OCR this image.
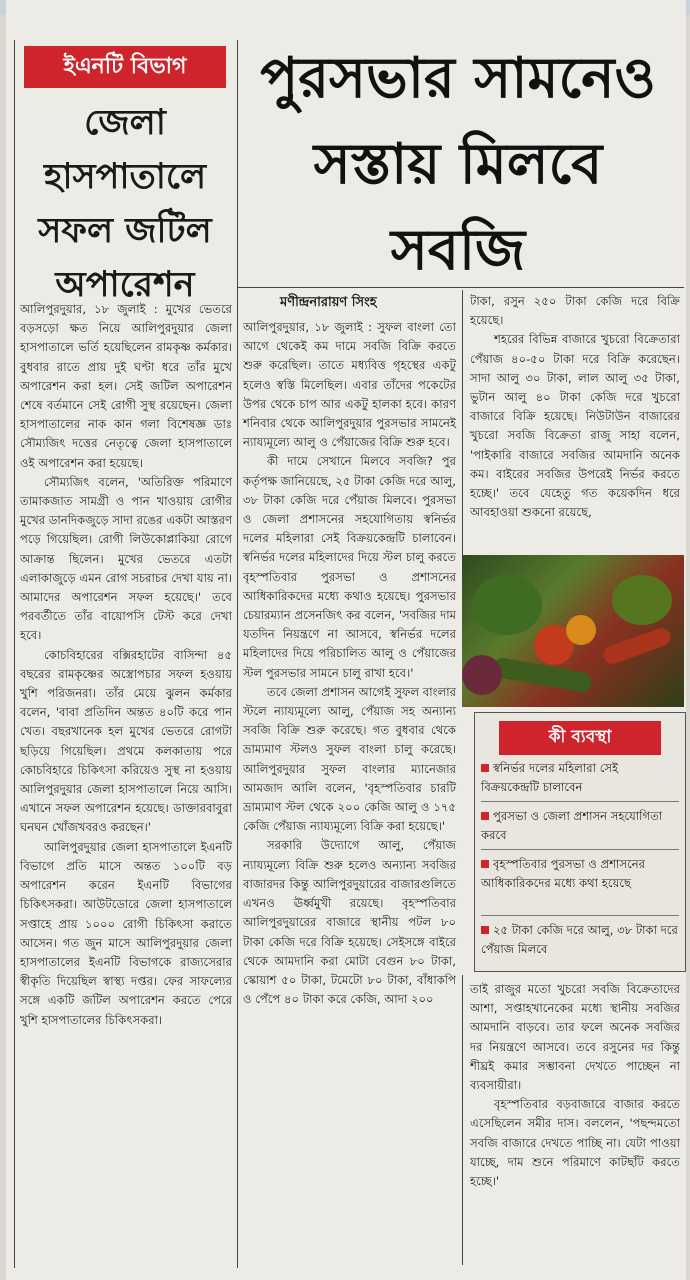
ইএনটি বিভাগ
জেলা হাসপাতালে সফল জটিল অপারেশন

আলিপুরদুয়ার, ১৮ জুলাই : মুখের ভেতরে বড়সড়ো ক্ষত নিয়ে আলিপুরদুয়ার জেলা হাসপাতালে ভর্তি হয়েছিলেন রামকৃষ্ণ কর্মকার। বুধবার রাতে প্রায় দুই ঘণ্টা ধরে তাঁর মুখে অপারেশন করা হল। সেই জটিল অপারেশন শেষে বর্তমানে সেই রোগী সুস্থ রয়েছেন। জেলা হাসপাতালের নাক কান গলা বিশেষজ্ঞ ডাঃ সৌম্যজিৎ দত্তের নেতৃত্বে জেলা হাসপাতালে ওই অপারেশন করা হয়েছে।

সৌম্যজিৎ বলেন, 'অতিরিক্ত পরিমাণে তামাকজাত সামগ্রী ও পান খাওয়ায় রোগীর মুখের ডানদিকজুড়ে সাদা রঙের একটা আস্তরণ পড়ে গিয়েছিল। রোগী লিউকোপ্লাকিয়া রোগে আক্রান্ত ছিলেন। মুখের ভেতরে এতটা এলাকাজুড়ে এমন রোগ সচরাচর দেখা যায় না। আমাদের অপারেশন সফল হয়েছে।' তবে পরবর্তীতে তাঁর বায়োপসি টেস্ট করে দেখা হবে।

কোচবিহারের বক্সিরহাটের বাসিন্দা ৪৫ বছরের রামকৃষ্ণের অস্ত্রোপচার সফল হওয়ায় খুশি পরিজনরা। তাঁর মেয়ে ঝুলন কর্মকার বলেন, 'বাবা প্রতিদিন অন্তত ৪০টি করে পান খেত। বছরখানেক হল মুখের ভেতরে রোগটা ছড়িয়ে গিয়েছিল। প্রথমে কলকাতায় পরে কোচবিহারে চিকিৎসা করিয়েও সুস্থ না হওয়ায় আলিপুরদুয়ার জেলা হাসপাতালে নিয়ে আসি। এখানে সফল অপারেশন হয়েছে। ডাক্তারবাবুরা ঘনঘন খোঁজখবরও করছেন।'

আলিপুরদুয়ার জেলা হাসপাতালে ইএনটি বিভাগে প্রতি মাসে অন্তত ১০০টি বড় অপারেশন করেন ইএনটি বিভাগের চিকিৎসকরা। আউটডোরে জেলা হাসপাতালে সপ্তাহে প্রায় ১০০০ রোগী চিকিৎসা করাতে আসেন। গত জুন মাসে আলিপুরদুয়ার জেলা হাসপাতালের ইএনটি বিভাগকে রাজ্যসেরার স্বীকৃতি দিয়েছিল স্বাস্থ্য দপ্তর। ফের সাফল্যের সঙ্গে একটি জটিল অপারেশন করতে পেরে খুশি হাসপাতালের চিকিৎসকরা।

পুরসভার সামনেও সস্তায় মিলবে সবজি
মণীন্দ্রনারায়ণ সিংহ

আলিপুরদুয়ার, ১৮ জুলাই : সুফল বাংলা তো আগে থেকেই কম দামে সবজি বিক্রি করতে শুরু করেছিল। তাতে মধ্যবিত্ত গৃহস্থের একটু হলেও স্বস্তি মিলেছিল। এবার তাঁদের পকেটের উপর থেকে চাপ আর একটু হালকা হবে। কারণ শনিবার থেকে আলিপুরদুয়ার পুরসভার সামনেই ন্যায্যমূল্যে আলু ও পেঁয়াজের বিক্রি শুরু হবে।

কী দামে সেখানে মিলবে সবজি? পুর কর্তৃপক্ষ জানিয়েছে, ২৫ টাকা কেজি দরে আলু, ৩৮ টাকা কেজি দরে পেঁয়াজ মিলবে। পুরসভা ও জেলা প্রশাসনের সহযোগিতায় স্বনির্ভর দলের মহিলারা সেই বিক্রয়কেন্দ্রটি চালাবেন। স্বনির্ভর দলের মহিলাদের দিয়ে স্টল চালু করতে বৃহস্পতিবার পুরসভা ও প্রশাসনের আধিকারিকদের মধ্যে কথাও হয়েছে। পুরসভার চেয়ারম্যান প্রসেনজিৎ কর বলেন, 'সবজির দাম যতদিন নিয়ন্ত্রণে না আসবে, স্বনির্ভর দলের মহিলাদের দিয়ে পরিচালিত আলু ও পেঁয়াজের স্টল পুরসভার সামনে চালু রাখা হবে।'

তবে জেলা প্রশাসন আগেই সুফল বাংলার স্টলে ন্যায্যমূল্যে আলু, পেঁয়াজ সহ অন্যান্য সবজি বিক্রি শুরু করেছে। গত বুধবার থেকে ভ্রাম্যমাণ স্টলও সুফল বাংলা চালু করেছে। আলিপুরদুয়ার সুফল বাংলার ম্যানেজার আমজাদ আলি বলেন, 'বৃহস্পতিবার চারটি ভ্রাম্যমাণ স্টল থেকে ২০০ কেজি আলু ও ১৭৫ কেজি পেঁয়াজ ন্যায্যমূল্যে বিক্রি করা হয়েছে।'

সরকারি উদ্যোগে আলু, পেঁয়াজ ন্যায্যমূল্যে বিক্রি শুরু হলেও অন্যান্য সবজির বাজারদর কিন্তু আলিপুরদুয়ারের বাজারগুলিতে এখনও ঊর্ধ্বমুখী রয়েছে। বৃহস্পতিবার আলিপুরদুয়ারের বাজারে স্থানীয় পটল ৮০ টাকা কেজি দরে বিক্রি হয়েছে। সেইসঙ্গে বাইরে থেকে আমদানি করা মোটা বেগুন ৮০ টাকা, স্কোয়াশ ৫০ টাকা, টমেটো ৮০ টাকা, বাঁধাকপি ও পেঁপে ৪০ টাকা করে কেজি, আদা ২০০

টাকা, রসুন ২৫০ টাকা কেজি দরে বিক্রি হয়েছে।

শহরের বিভিন্ন বাজারে খুচরো বিক্রেতারা পেঁয়াজ ৪০-৫০ টাকা দরে বিক্রি করেছেন। সাদা আলু ৩০ টাকা, লাল আলু ৩৫ টাকা, ভুটান আলু ৪০ টাকা কেজি দরে খুচরো বাজারে বিক্রি হয়েছে। নিউটাউন বাজারের খুচরো সবজি বিক্রেতা রাজু সাহা বলেন, 'পাইকারি বাজারে সবজির আমদানি অনেক কম। বাইরের সবজির উপরেই নির্ভর করতে হচ্ছে।' তবে যেহেতু গত কয়েকদিন ধরে আবহাওয়া শুকনো রয়েছে,

কী ব্যবস্থা
স্বনির্ভর দলের মহিলারা সেই বিক্রয়কেন্দ্রটি চালাবেন
পুরসভা ও জেলা প্রশাসন সহযোগিতা করবে
বৃহস্পতিবার পুরসভা ও প্রশাসনের আধিকারিকদের মধ্যে কথা হয়েছে
২৫ টাকা কেজি দরে আলু, ৩৮ টাকা দরে পেঁয়াজ মিলবে

তাই রাজুর মতো খুচরো সবজি বিক্রেতাদের আশা, সপ্তাহখানেকের মধ্যে স্থানীয় সবজির আমদানি বাড়বে। তার ফলে অনেক সবজির দর নিয়ন্ত্রণে আসবে। তবে রসুনের দর কিন্তু শীঘ্রই কমার সম্ভাবনা দেখতে পাচ্ছেন না ব্যবসায়ীরা।

বৃহস্পতিবার বড়বাজারে বাজার করতে এসেছিলেন সমীর দাস। বললেন, 'পছন্দমতো সবজি বাজারে দেখতে পাচ্ছি না। যেটা পাওয়া যাচ্ছে, দাম শুনে পরিমাণে কাটছাঁট করতে হচ্ছে।'
